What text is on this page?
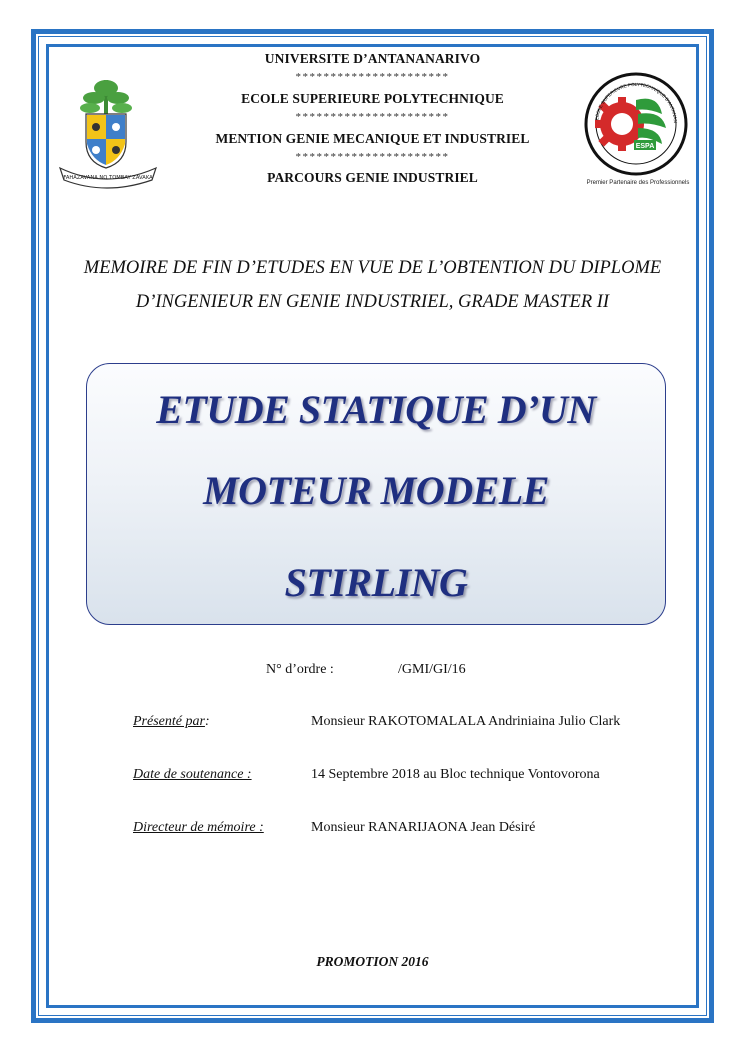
UNIVERSITE D’ANTANANARIVO
**********************
ECOLE SUPERIEURE POLYTECHNIQUE
**********************
MENTION GENIE MECANIQUE ET INDUSTRIEL
**********************
PARCOURS GENIE INDUSTRIEL
FAHAZAVANA NO TOMBAY ZAVAKA
ESPA
ECOLE SUPERIEURE POLYTECHNIQUE D'ANTANAN
Premier Partenaire des Professionnels
MEMOIRE DE FIN D’ETUDES EN VUE DE L’OBTENTION DU DIPLOME
D’INGENIEUR EN GENIE INDUSTRIEL, GRADE MASTER II
ETUDE STATIQUE D’UN
MOTEUR MODELE
STIRLING
N° d’ordre :	/GMI/GI/16
Présenté par:	Monsieur RAKOTOMALALA Andriniaina Julio Clark
Date de soutenance :	14 Septembre 2018 au Bloc technique Vontovorona
Directeur de mémoire :	Monsieur RANARIJAONA Jean Désiré
PROMOTION 2016
